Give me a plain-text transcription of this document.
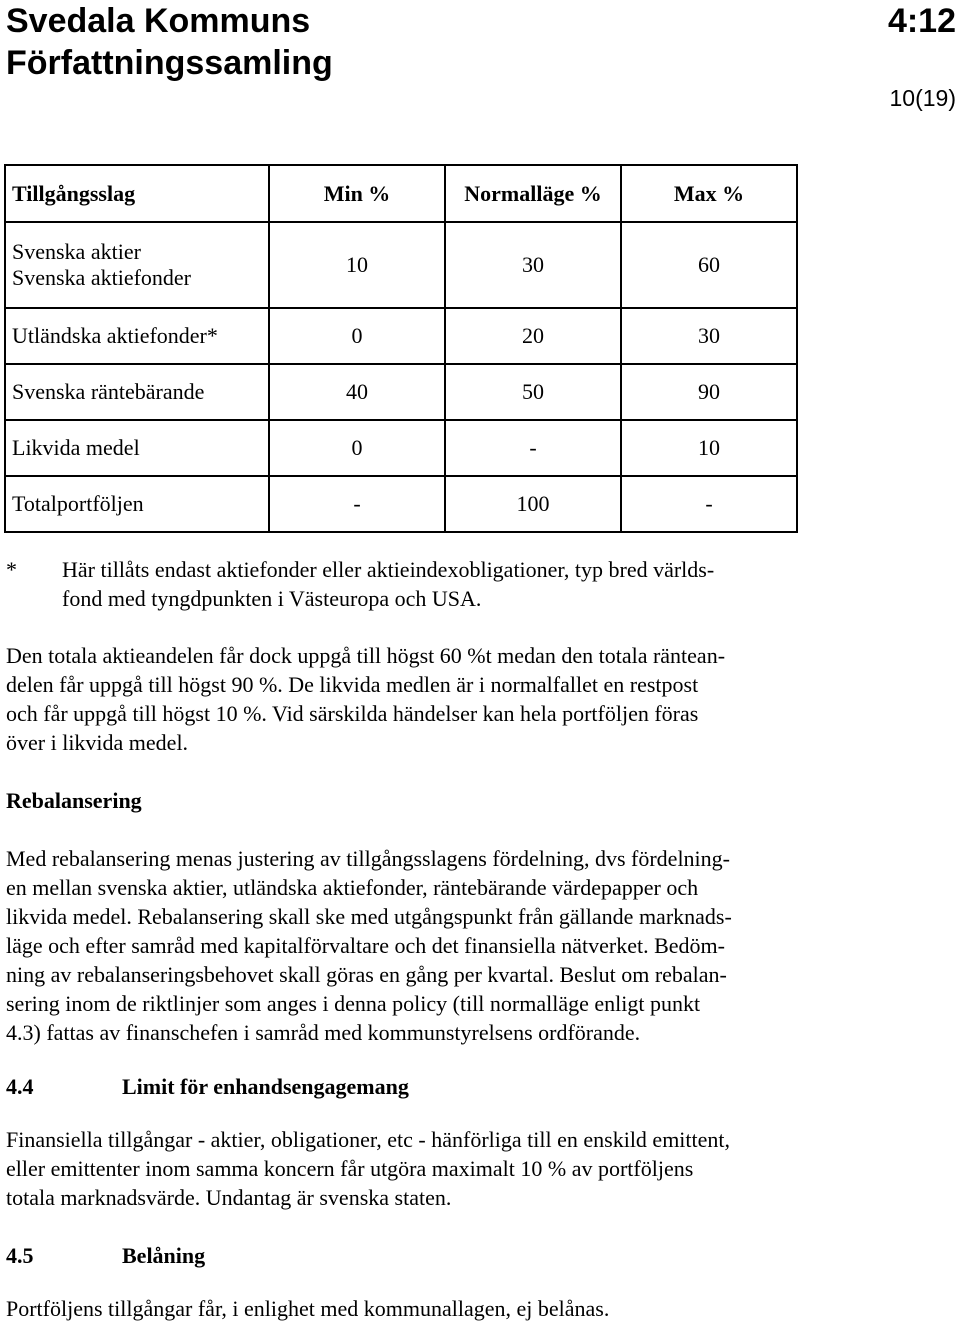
Svedala Kommuns
Författningssamling
4:12
10(19)
Tillgångsslag	Min %	Normalläge %	Max %

Svenska aktier
Svenska aktiefonder	10	30	60
Utländska aktiefonder*	0	20	30
Svenska räntebärande	40	50	90
Likvida medel	0	-	10
Totalportföljen	-	100	-
* Här tillåts endast aktiefonder eller aktieindexobligationer, typ bred världs-
fond med tyngdpunkten i Västeuropa och USA.
Den totala aktieandelen får dock uppgå till högst 60 %t medan den totala räntean-
delen får uppgå till högst 90 %. De likvida medlen är i normalfallet en restpost
och får uppgå till högst 10 %. Vid särskilda händelser kan hela portföljen föras
över i likvida medel.
Rebalansering
Med rebalansering menas justering av tillgångsslagens fördelning, dvs fördelning-
en mellan svenska aktier, utländska aktiefonder, räntebärande värdepapper och
likvida medel. Rebalansering skall ske med utgångspunkt från gällande marknads-
läge och efter samråd med kapitalförvaltare och det finansiella nätverket. Bedöm-
ning av rebalanseringsbehovet skall göras en gång per kvartal. Beslut om rebalan-
sering inom de riktlinjer som anges i denna policy (till normalläge enligt punkt
4.3) fattas av finanschefen i samråd med kommunstyrelsens ordförande.
4.4	Limit för enhandsengagemang
Finansiella tillgångar - aktier, obligationer, etc - hänförliga till en enskild emittent,
eller emittenter inom samma koncern får utgöra maximalt 10 % av portföljens
totala marknadsvärde. Undantag är svenska staten.
4.5	Belåning
Portföljens tillgångar får, i enlighet med kommunallagen, ej belånas.
